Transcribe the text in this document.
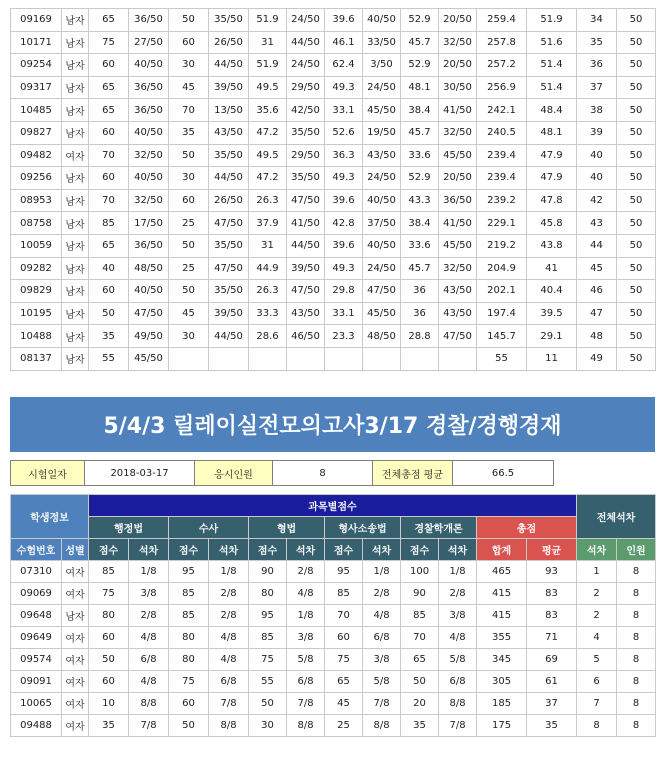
09169	남자	65	36/50	50	35/50	51.9	24/50	39.6	40/50	52.9	20/50	259.4	51.9	34	50
10171	남자	75	27/50	60	26/50	31	44/50	46.1	33/50	45.7	32/50	257.8	51.6	35	50
09254	남자	60	40/50	30	44/50	51.9	24/50	62.4	3/50	52.9	20/50	257.2	51.4	36	50
09317	남자	65	36/50	45	39/50	49.5	29/50	49.3	24/50	48.1	30/50	256.9	51.4	37	50
10485	남자	65	36/50	70	13/50	35.6	42/50	33.1	45/50	38.4	41/50	242.1	48.4	38	50
09827	남자	60	40/50	35	43/50	47.2	35/50	52.6	19/50	45.7	32/50	240.5	48.1	39	50
09482	여자	70	32/50	50	35/50	49.5	29/50	36.3	43/50	33.6	45/50	239.4	47.9	40	50
09256	남자	60	40/50	30	44/50	47.2	35/50	49.3	24/50	52.9	20/50	239.4	47.9	40	50
08953	남자	70	32/50	60	26/50	26.3	47/50	39.6	40/50	43.3	36/50	239.2	47.8	42	50
08758	남자	85	17/50	25	47/50	37.9	41/50	42.8	37/50	38.4	41/50	229.1	45.8	43	50
10059	남자	65	36/50	50	35/50	31	44/50	39.6	40/50	33.6	45/50	219.2	43.8	44	50
09282	남자	40	48/50	25	47/50	44.9	39/50	49.3	24/50	45.7	32/50	204.9	41	45	50
09829	남자	60	40/50	50	35/50	26.3	47/50	29.8	47/50	36	43/50	202.1	40.4	46	50
10195	남자	50	47/50	45	39/50	33.3	43/50	33.1	45/50	36	43/50	197.4	39.5	47	50
10488	남자	35	49/50	30	44/50	28.6	46/50	23.3	48/50	28.8	47/50	145.7	29.1	48	50
08137	남자	55	45/50									55	11	49	50
5/4/3 릴레이실전모의고사3/17 경찰/경행경재
시험일자	2018-03-17	응시인원	8	전체총점 평균	66.5
학생정보		과목별점수												전체석차	
		행정법		수사		형법		형사소송법		경찰학개론		총점			
수험번호	성별	점수	석차	점수	석차	점수	석차	점수	석차	점수	석차	합계	평균	석차	인원
07310	여자	85	1/8	95	1/8	90	2/8	95	1/8	100	1/8	465	93	1	8
09069	여자	75	3/8	85	2/8	80	4/8	85	2/8	90	2/8	415	83	2	8
09648	남자	80	2/8	85	2/8	95	1/8	70	4/8	85	3/8	415	83	2	8
09649	여자	60	4/8	80	4/8	85	3/8	60	6/8	70	4/8	355	71	4	8
09574	여자	50	6/8	80	4/8	75	5/8	75	3/8	65	5/8	345	69	5	8
09091	여자	60	4/8	75	6/8	55	6/8	65	5/8	50	6/8	305	61	6	8
10065	여자	10	8/8	60	7/8	50	7/8	45	7/8	20	8/8	185	37	7	8
09488	여자	35	7/8	50	8/8	30	8/8	25	8/8	35	7/8	175	35	8	8
